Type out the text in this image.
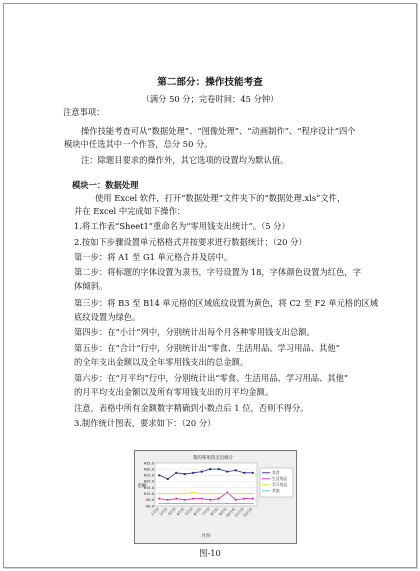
第二部分：操作技能考查
（满分 50 分；完卷时间：45 分钟）
注意事项：
操作技能考查可从“数据处理”、“图像处理”、“动画制作”、“程序设计”四个
模块中任选其中一个作答，总分 50 分。
注：除题目要求的操作外，其它选项的设置均为默认值。
模块一：数据处理
使用 Excel 软件，打开“数据处理”文件夹下的“数据处理.xls”文件，
并在 Excel 中完成如下操作：
1.将工作表“Sheet1”重命名为“零用钱支出统计”。（5 分）
2.按如下步骤设置单元格格式并按要求进行数据统计：（20 分）
第一步：将 A1 至 G1 单元格合并及居中。
第二步：将标题的字体设置为隶书，字号设置为 18，字体颜色设置为红色，字
体倾斜。
第三步：将 B3 至 B14 单元格的区域底纹设置为黄色，将 C2 至 F2 单元格的区域
底纹设置为绿色。
第四步：在“小计”列中，分别统计出每个月各种零用钱支出总额。
第五步：在“合计”行中，分别统计出“零食、生活用品、学习用品、其他”
的全年支出金额以及全年零用钱支出的总金额。
第六步：在“月平均”行中，分别统计出“零食、生活用品、学习用品、其他”
的月平均支出金额以及所有零用钱支出的月平均金额。
注意，表格中所有金额数字精确到小数点后 1 位，否则不得分。
3.制作统计图表，要求如下：（20 分）
我的零用钱支出统计
¥0.0
¥5.0
¥10.0
¥15.0
¥20.0
¥25.0
¥30.0
¥35.0
1月份
2月份
3月份
4月份
5月份
6月份
7月份
8月份
9月份
10月份
11月份
12月份
金额
月份
零食
生活用品
学习用品
其他
图-10
